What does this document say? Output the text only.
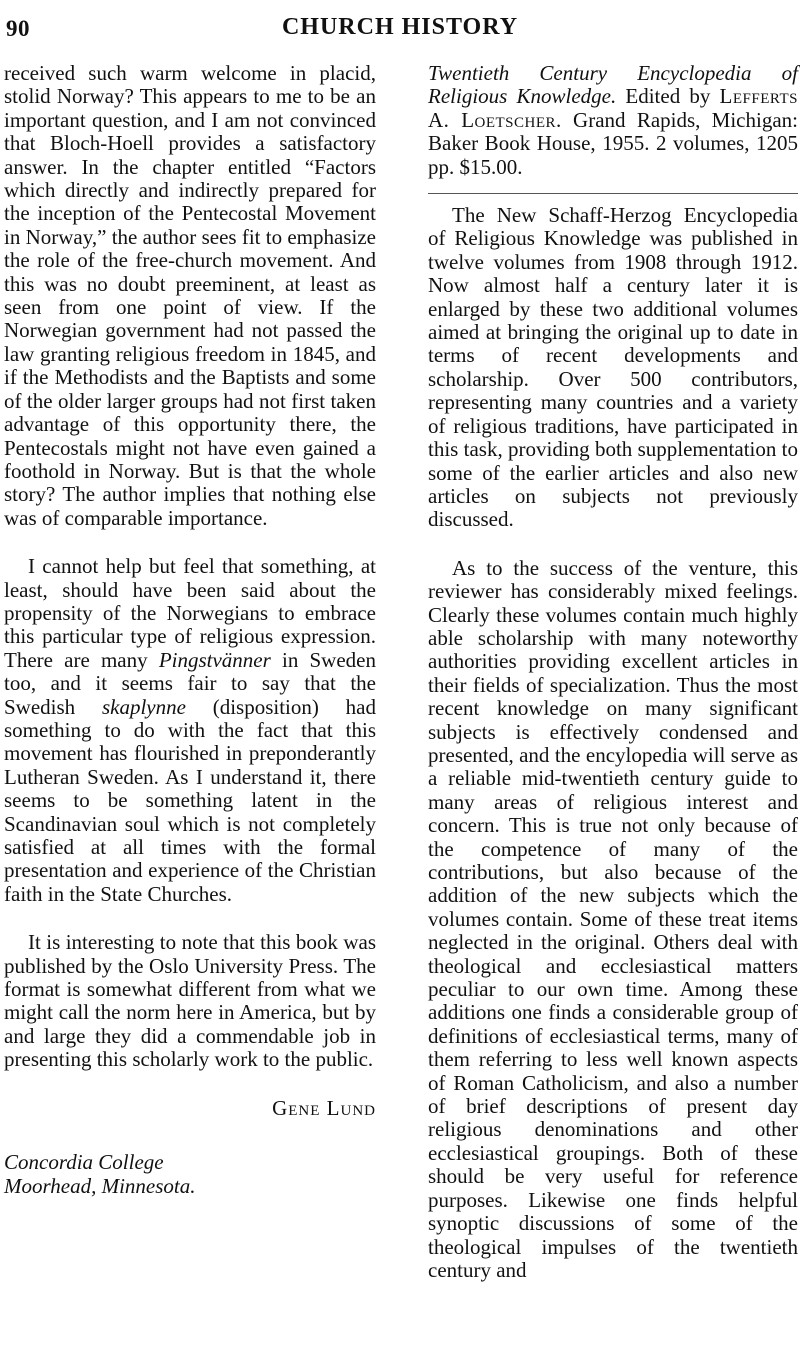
90	CHURCH HISTORY

received such warm welcome in placid, stolid Norway? This appears to me to be an important question, and I am not convinced that Bloch-Hoell provides a satisfactory answer. In the chapter entitled “Factors which directly and indirectly prepared for the inception of the Pentecostal Movement in Norway,” the author sees fit to emphasize the role of the free-church movement. And this was no doubt preeminent, at least as seen from one point of view. If the Norwegian government had not passed the law granting religious freedom in 1845, and if the Methodists and the Baptists and some of the older larger groups had not first taken advantage of this opportunity there, the Pentecostals might not have even gained a foothold in Norway. But is that the whole story? The author implies that nothing else was of comparable importance.

I cannot help but feel that something, at least, should have been said about the propensity of the Norwegians to embrace this particular type of religious expression. There are many Pingstvänner in Sweden too, and it seems fair to say that the Swedish skaplynne (disposition) had something to do with the fact that this movement has flourished in preponderantly Lutheran Sweden. As I understand it, there seems to be something latent in the Scandinavian soul which is not completely satisfied at all times with the formal presentation and experience of the Christian faith in the State Churches.

It is interesting to note that this book was published by the Oslo University Press. The format is somewhat different from what we might call the norm here in America, but by and large they did a commendable job in presenting this scholarly work to the public.

Gene Lund
Concordia College
Moorhead, Minnesota.
Twentieth Century Encyclopedia of Religious Knowledge. Edited by Lefferts A. Loetscher. Grand Rapids, Michigan: Baker Book House, 1955. 2 volumes, 1205 pp. $15.00.

The New Schaff-Herzog Encyclopedia of Religious Knowledge was published in twelve volumes from 1908 through 1912. Now almost half a century later it is enlarged by these two additional volumes aimed at bringing the original up to date in terms of recent developments and scholarship. Over 500 contributors, representing many countries and a variety of religious traditions, have participated in this task, providing both supplementation to some of the earlier articles and also new articles on subjects not previously discussed.

As to the success of the venture, this reviewer has considerably mixed feelings. Clearly these volumes contain much highly able scholarship with many noteworthy authorities providing excellent articles in their fields of specialization. Thus the most recent knowledge on many significant subjects is effectively condensed and presented, and the encylopedia will serve as a reliable mid-twentieth century guide to many areas of religious interest and concern. This is true not only because of the competence of many of the contributions, but also because of the addition of the new subjects which the volumes contain. Some of these treat items neglected in the original. Others deal with theological and ecclesiastical matters peculiar to our own time. Among these additions one finds a considerable group of definitions of ecclesiastical terms, many of them referring to less well known aspects of Roman Catholicism, and also a number of brief descriptions of present day religious denominations and other ecclesiastical groupings. Both of these should be very useful for reference purposes. Likewise one finds helpful synoptic discussions of some of the theological impulses of the twentieth century and
